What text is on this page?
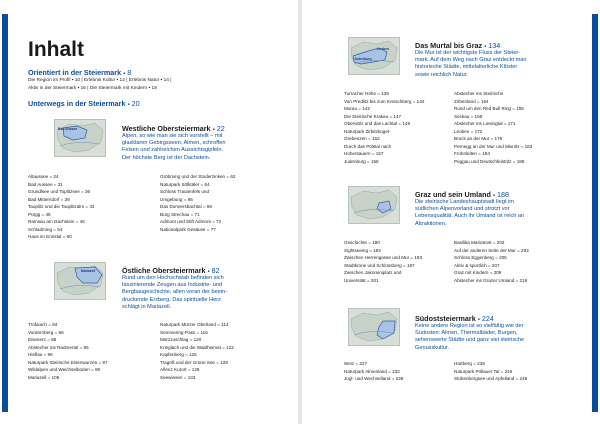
Inhalt
Orientiert in der Steiermark ▪ 8
Die Region im Profil ▪ 10 | Erlebnis Kultur ▪ 12 | Erlebnis Natur ▪ 14 |
Aktiv in der Steiermark ▪ 16 | Die Steiermark mit Kindern ▪ 18
Unterwegs in der Steiermark ▪ 20
Bad Aussee	Westliche Obersteiermark ▪ 22
Alpen, so wie man sie sich vorstellt – mit
glasklaren Gebirgsseen, Almen, schroffen
Felsen und zahlreichen Aussichtsgipfeln.
Der höchste Berg ist der Dachstein.
Altaussee = 24
Bad Aussee = 31
Grundlsee und Toplitzsee = 36
Bad Mitterndorf = 39
Tauplitz und die Tauplitzalm = 43
Pürgg = 45
Ramsau am Dachstein = 46
Schladming = 54
Haus im Ennstal = 60
Gröbming und der Stoderzinken = 62
Naturpark Sölktäler = 64
Schloss Trautenfels und
Umgebung = 66
Das Donnersbachtal = 69
Burg Strechau = 71
Admont und Stift Admont = 72
Nationalpark Gesäuse = 77
Mariazell	Östliche Obersteiermark ▪ 82
Rund um den Hochschwab befinden sich
faszinierende Zeugen aus Industrie- und
Bergbaugeschichte, allen voran der beein-
druckende Erzberg. Das spirituelle Herz
schlägt in Mariazell.
Trofaiach = 84
Vordernberg = 86
Eisenerz = 88
Abstecher ins Radmertal = 96
Hieflau = 96
Naturpark Steirische Eisenwurzen = 97
Wildalpen und Weichselboden = 98
Mariazell = 105
Naturpark Mürzer Oberland = 114
Semmering-Pass = 116
Mürzzuschlag = 120
Krieglach und die Waldheimat = 122
Kapfenberg = 125
Tragöß und der Grüne See = 128
Aflenz Kurort = 129
Seewiesen = 133
Leoben
Judenburg
Das Murtal bis Graz ▪ 134
Die Mur ist der wichtigste Fluss der Steier-
mark. Auf dem Weg nach Graz entdeckt man
historische Städte, mittelalterliche Klöster
sowie reichlich Natur.
Turracher Höhe = 139
Von Predlitz bis zum Kreischberg = 140
Murau = 142
Die Steirische Krakau = 147
Oberwölz und das Lachtal = 149
Naturpark Zirbitzkogel-
Grebenzen = 152
Durch das Pölstal nach
Hohentauern = 157
Judenburg = 158
Abstecher ins Steirische
Zirbenland = 164
Rund um den Red Bull Ring = 165
Seckau = 166
Abstecher ins Liesingtal = 171
Leoben = 172
Bruck an der Mur = 178
Pernegg an der Mur und Mixnitz = 183
Frohnleiten = 184
Peggau und Deutschfeistritz = 186
Graz und sein Umland ▪ 188
Die steirische Landeshauptstadt liegt im
südlichen Alpenvorland und strotzt vor
Lebensqualität. Auch ihr Umland ist reich an
Attraktionen.
Geschichte = 190
Sightseeing = 192
Zwischen Herrengasse und Mur = 193
Stadtkrone und Schlossberg = 197
Zwischen Jakominiplatz und
Universität = 201
Basilika Mariatrost = 202
Auf der anderen Seite der Mur = 203
Schloss Eggenberg = 205
Aktiv & sportlich = 207
Graz mit Kindern = 209
Abstecher ins Grazer Umland = 219
Südoststeiermark ▪ 224
Keine andere Region ist so vielfältig wie der
Südosten: Almen, Thermalbäder, Burgen,
sehenswerte Städte und ganz viel steirische
Genusskultur.
Weiz = 227
Naturpark Almenland = 232
Jogl- und Wechselland = 236
Hartberg = 239
Naturpark Pöllauer Tal = 245
Stubenbergsee und Apfelland = 249
